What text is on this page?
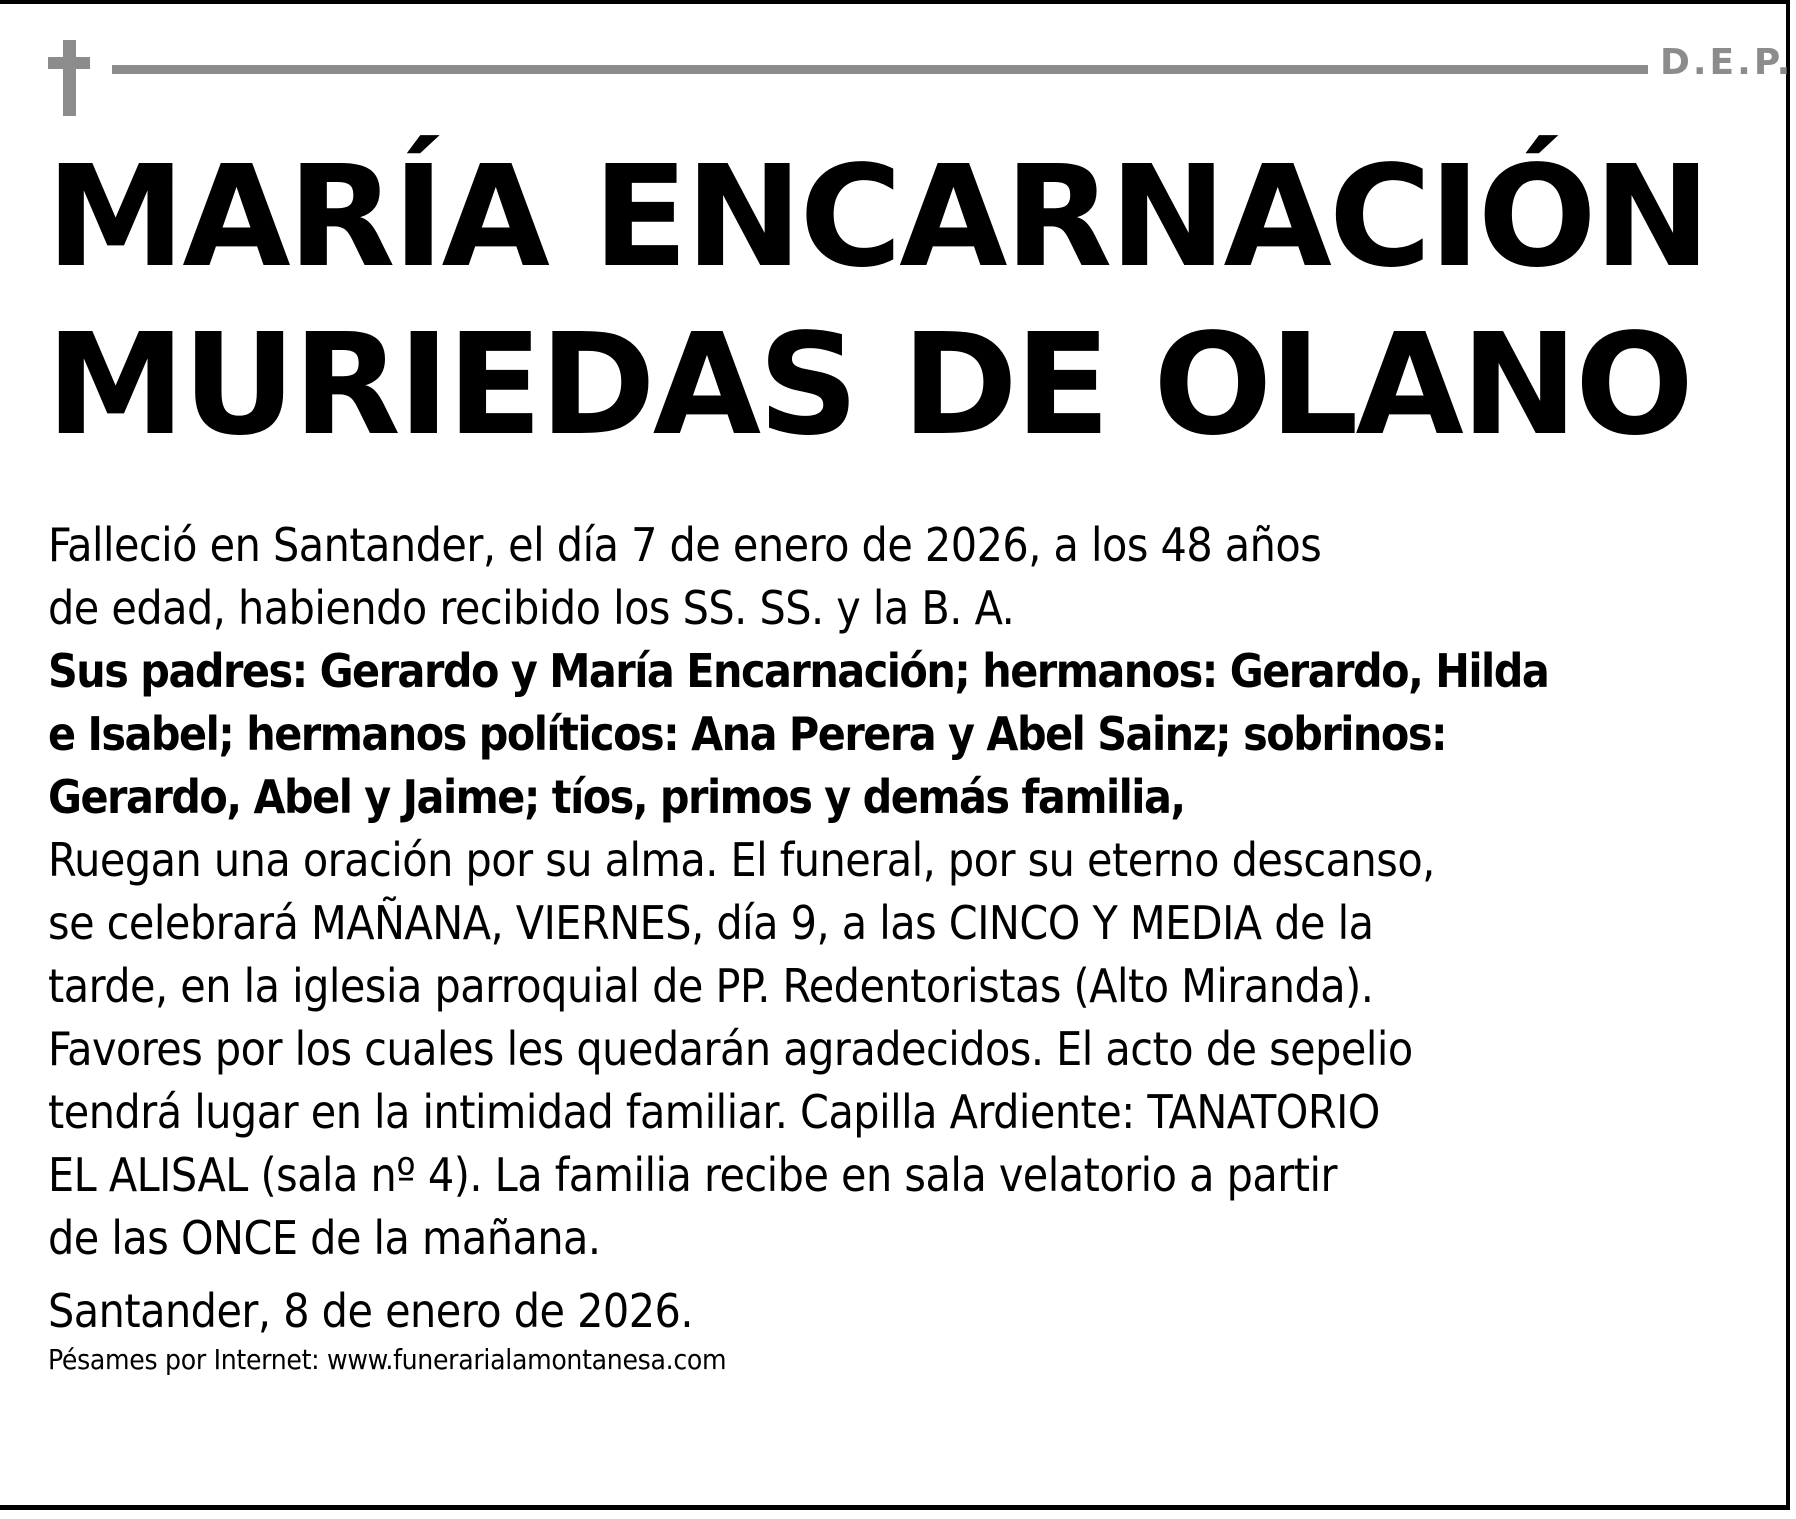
D.E.P.
MARÍA ENCARNACIÓN
MURIEDAS DE OLANO

Falleció en Santander, el día 7 de enero de 2026, a los 48 años
de edad, habiendo recibido los SS. SS. y la B. A.

Sus padres: Gerardo y María Encarnación; hermanos: Gerardo, Hilda
e Isabel; hermanos políticos: Ana Perera y Abel Sainz; sobrinos:
Gerardo, Abel y Jaime; tíos, primos y demás familia,

Ruegan una oración por su alma. El funeral, por su eterno descanso,
se celebrará MAÑANA, VIERNES, día 9, a las CINCO Y MEDIA de la
tarde, en la iglesia parroquial de PP. Redentoristas (Alto Miranda).
Favores por los cuales les quedarán agradecidos. El acto de sepelio
tendrá lugar en la intimidad familiar. Capilla Ardiente: TANATORIO
EL ALISAL (sala nº 4). La familia recibe en sala velatorio a partir
de las ONCE de la mañana.

Santander, 8 de enero de 2026.

Pésames por Internet: www.funerarialamontanesa.com
